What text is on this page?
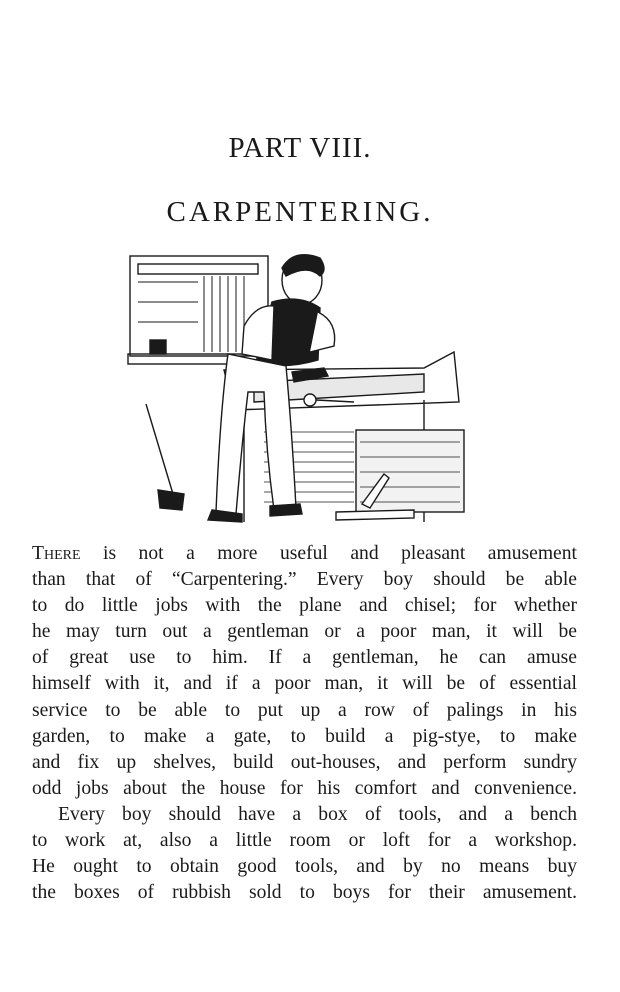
PART VIII.
CARPENTERING.

There is not a more useful and pleasant amusement

than that of “Carpentering.” Every boy should be able

to do little jobs with the plane and chisel; for whether

he may turn out a gentleman or a poor man, it will be

of great use to him. If a gentleman, he can amuse

himself with it, and if a poor man, it will be of essential

service to be able to put up a row of palings in his

garden, to make a gate, to build a pig-stye, to make

and fix up shelves, build out-houses, and perform sundry

odd jobs about the house for his comfort and convenience.

Every boy should have a box of tools, and a bench

to work at, also a little room or loft for a workshop.

He ought to obtain good tools, and by no means buy

the boxes of rubbish sold to boys for their amusement.
